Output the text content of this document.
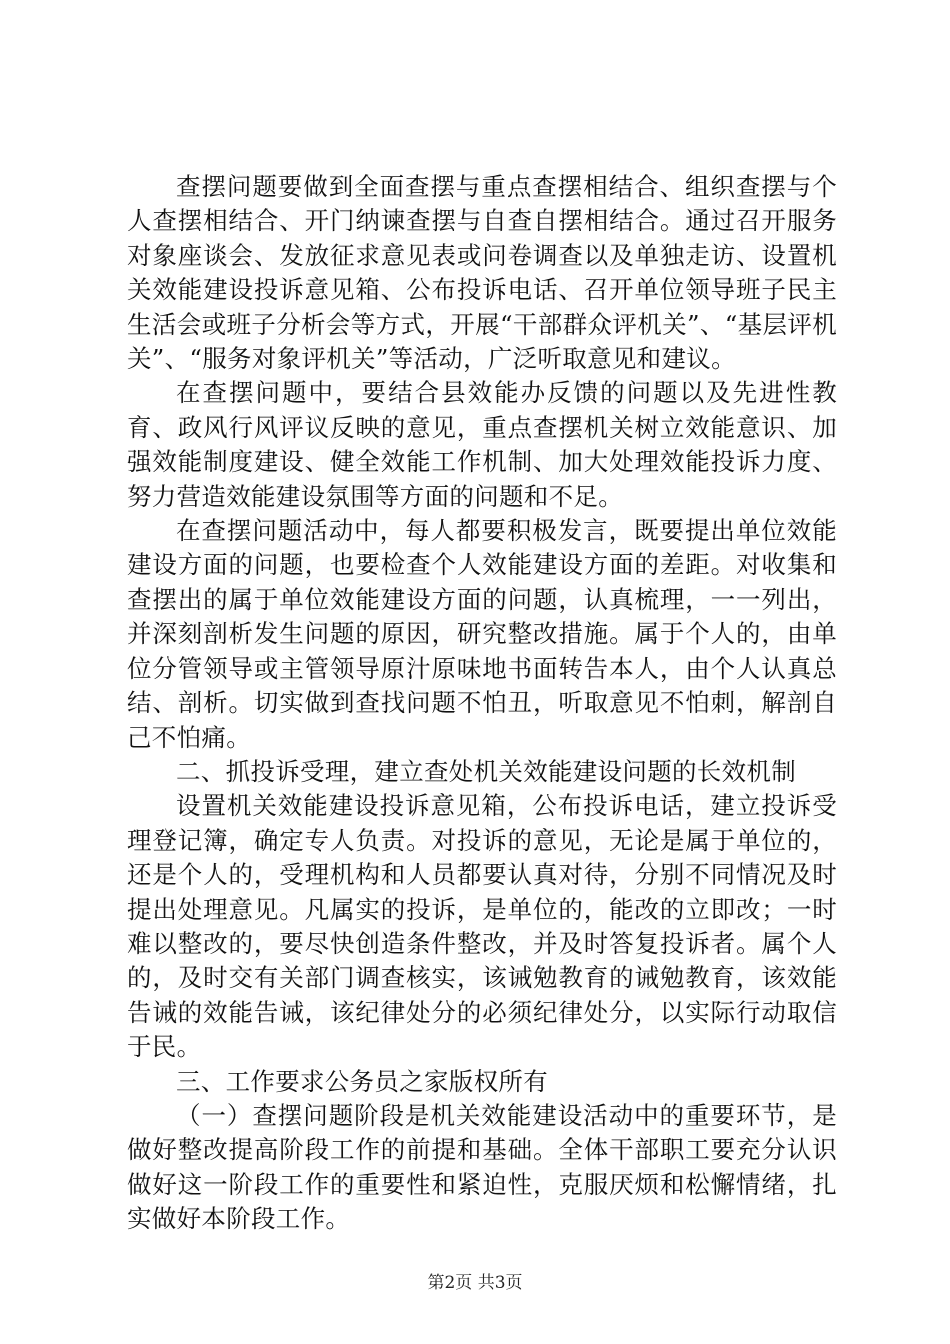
查摆问题要做到全面查摆与重点查摆相结合、组织查摆与个人查摆相结合、开门纳谏查摆与自查自摆相结合。通过召开服务对象座谈会、发放征求意见表或问卷调查以及单独走访、设置机关效能建设投诉意见箱、公布投诉电话、召开单位领导班子民主生活会或班子分析会等方式，开展“干部群众评机关”、“基层评机关”、“服务对象评机关”等活动，广泛听取意见和建议。

在查摆问题中，要结合县效能办反馈的问题以及先进性教育、政风行风评议反映的意见，重点查摆机关树立效能意识、加强效能制度建设、健全效能工作机制、加大处理效能投诉力度、努力营造效能建设氛围等方面的问题和不足。

在查摆问题活动中，每人都要积极发言，既要提出单位效能建设方面的问题，也要检查个人效能建设方面的差距。对收集和查摆出的属于单位效能建设方面的问题，认真梳理，一一列出，并深刻剖析发生问题的原因，研究整改措施。属于个人的，由单位分管领导或主管领导原汁原味地书面转告本人，由个人认真总结、剖析。切实做到查找问题不怕丑，听取意见不怕刺，解剖自己不怕痛。

二、抓投诉受理，建立查处机关效能建设问题的长效机制

设置机关效能建设投诉意见箱，公布投诉电话，建立投诉受理登记簿，确定专人负责。对投诉的意见，无论是属于单位的，还是个人的，受理机构和人员都要认真对待，分别不同情况及时提出处理意见。凡属实的投诉，是单位的，能改的立即改；一时难以整改的，要尽快创造条件整改，并及时答复投诉者。属个人的，及时交有关部门调查核实，该诫勉教育的诫勉教育，该效能告诫的效能告诫，该纪律处分的必须纪律处分，以实际行动取信于民。

三、工作要求公务员之家版权所有

（一）查摆问题阶段是机关效能建设活动中的重要环节，是做好整改提高阶段工作的前提和基础。全体干部职工要充分认识做好这一阶段工作的重要性和紧迫性，克服厌烦和松懈情绪，扎实做好本阶段工作。

第2页 共3页
